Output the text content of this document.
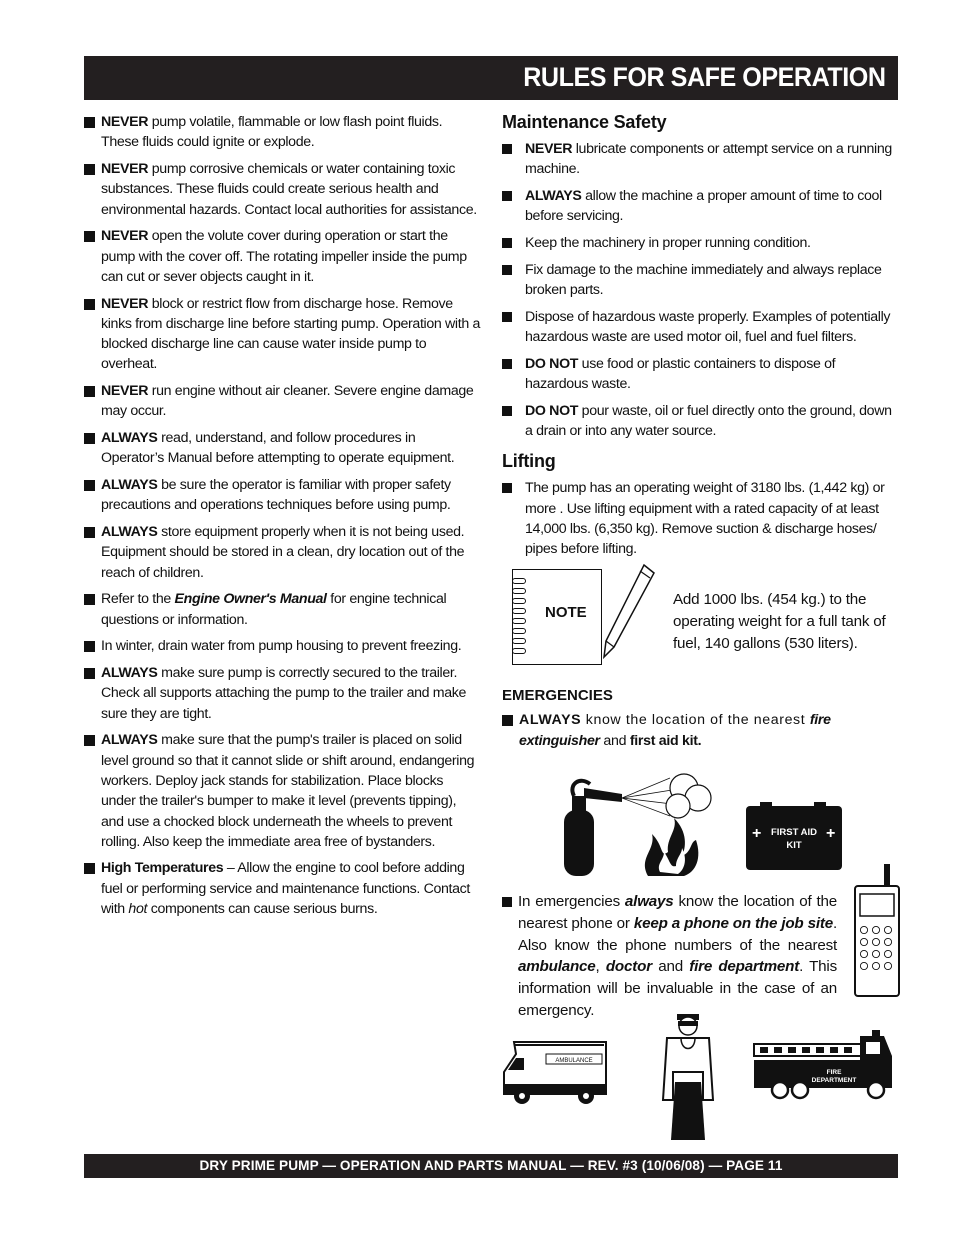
RULES FOR SAFE OPERATION
NEVER pump volatile, flammable or low flash point fluids. These fluids could ignite or explode.
NEVER pump corrosive chemicals or water containing toxic substances. These fluids could create serious health and environmental hazards. Contact local authorities for assistance.
NEVER open the volute cover during operation or start the pump with the cover off. The rotating impeller inside the pump can cut or sever objects caught in it.
NEVER block or restrict flow from discharge hose. Remove kinks from discharge line before starting pump. Operation with a blocked discharge line can cause water inside pump to overheat.
NEVER run engine without air cleaner. Severe engine damage may occur.
ALWAYS read, understand, and follow procedures in Operator’s Manual before attempting to operate equipment.
ALWAYS be sure the operator is familiar with proper safety precautions and operations techniques before using pump.
ALWAYS store equipment properly when it is not being used. Equipment should be stored in a clean, dry location out of the reach of children.
Refer to the Engine Owner's Manual for engine technical questions or information.
In winter, drain water from pump housing to prevent freezing.
ALWAYS make sure pump is correctly secured to the trailer. Check all supports attaching the pump to the trailer and make sure they are tight.
ALWAYS make sure that the pump's trailer is placed on solid level ground so that it cannot slide or shift around, endangering workers. Deploy jack stands for stabilization. Place blocks under the trailer's bumper to make it level (prevents tipping), and use a chocked block underneath the wheels to prevent rolling. Also keep the immediate area free of bystanders.
High Temperatures – Allow the engine to cool before adding fuel or performing service and maintenance functions. Contact with hot components can cause serious burns.
Maintenance Safety
NEVER lubricate components or attempt service on a running machine.
ALWAYS allow the machine a proper amount of time to cool before servicing.
Keep the machinery in proper running condition.
Fix damage to the machine immediately and always replace broken parts.
Dispose of hazardous waste properly. Examples of potentially hazardous waste are used motor oil, fuel and fuel filters.
DO NOT use food or plastic containers to dispose of hazardous waste.
DO NOT pour waste, oil or fuel directly onto the ground, down a drain or into any water source.
Lifting
The pump has an operating weight of 3180 lbs. (1,442 kg) or more . Use lifting equipment with a rated capacity of at least 14,000 lbs. (6,350 kg). Remove suction & discharge hoses/ pipes before lifting.
NOTE
Add 1000 lbs. (454 kg.) to the operating weight for a full tank of fuel, 140 gallons (530 liters).
EMERGENCIES
ALWAYS know the location of the nearest fire extinguisher and first aid kit.
+	+
FIRST AID
KIT
In emergencies always know the location of the nearest phone or keep a phone on the job site. Also know the phone numbers of the nearest ambulance, doctor and fire department. This information will be invaluable in the case of an emergency.
AMBULANCE
FIRE
DEPARTMENT
DRY PRIME PUMP — OPERATION AND PARTS MANUAL — REV. #3 (10/06/08) — PAGE 11
